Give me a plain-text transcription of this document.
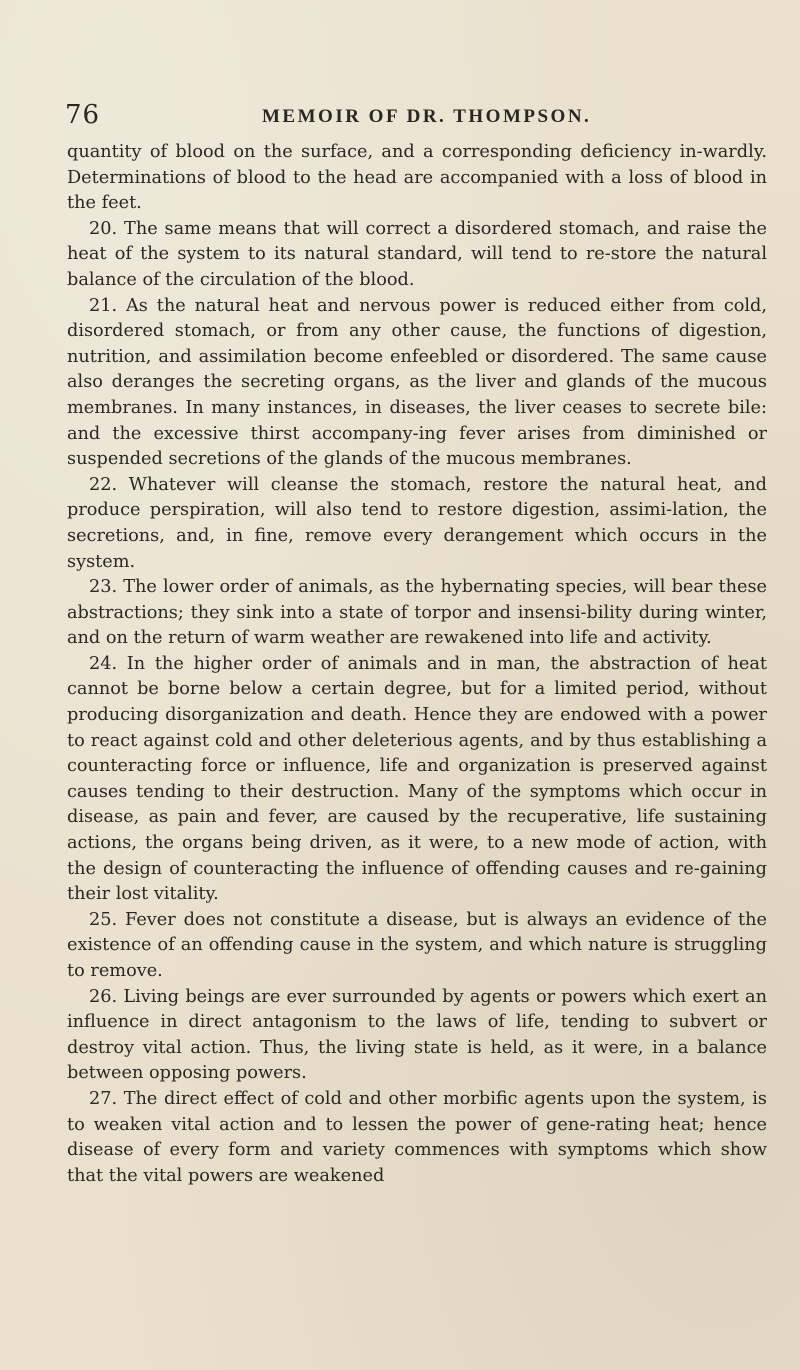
76	MEMOIR OF DR. THOMPSON.

quantity of blood on the surface, and a corresponding deficiency in-wardly. Determinations of blood to the head are accompanied with a loss of blood in the feet.

20. The same means that will correct a disordered stomach, and raise the heat of the system to its natural standard, will tend to re-store the natural balance of the circulation of the blood.

21. As the natural heat and nervous power is reduced either from cold, disordered stomach, or from any other cause, the functions of digestion, nutrition, and assimilation become enfeebled or disordered. The same cause also deranges the secreting organs, as the liver and glands of the mucous membranes. In many instances, in diseases, the liver ceases to secrete bile: and the excessive thirst accompany-ing fever arises from diminished or suspended secretions of the glands of the mucous membranes.

22. Whatever will cleanse the stomach, restore the natural heat, and produce perspiration, will also tend to restore digestion, assimi-lation, the secretions, and, in fine, remove every derangement which occurs in the system.

23. The lower order of animals, as the hybernating species, will bear these abstractions; they sink into a state of torpor and insensi-bility during winter, and on the return of warm weather are rewakened into life and activity.

24. In the higher order of animals and in man, the abstraction of heat cannot be borne below a certain degree, but for a limited period, without producing disorganization and death. Hence they are endowed with a power to react against cold and other deleterious agents, and by thus establishing a counteracting force or influence, life and organization is preserved against causes tending to their destruction. Many of the symptoms which occur in disease, as pain and fever, are caused by the recuperative, life sustaining actions, the organs being driven, as it were, to a new mode of action, with the design of counteracting the influence of offending causes and re-gaining their lost vitality.

25. Fever does not constitute a disease, but is always an evidence of the existence of an offending cause in the system, and which nature is struggling to remove.

26. Living beings are ever surrounded by agents or powers which exert an influence in direct antagonism to the laws of life, tending to subvert or destroy vital action. Thus, the living state is held, as it were, in a balance between opposing powers.

27. The direct effect of cold and other morbific agents upon the system, is to weaken vital action and to lessen the power of gene-rating heat; hence disease of every form and variety commences with symptoms which show that the vital powers are weakened
